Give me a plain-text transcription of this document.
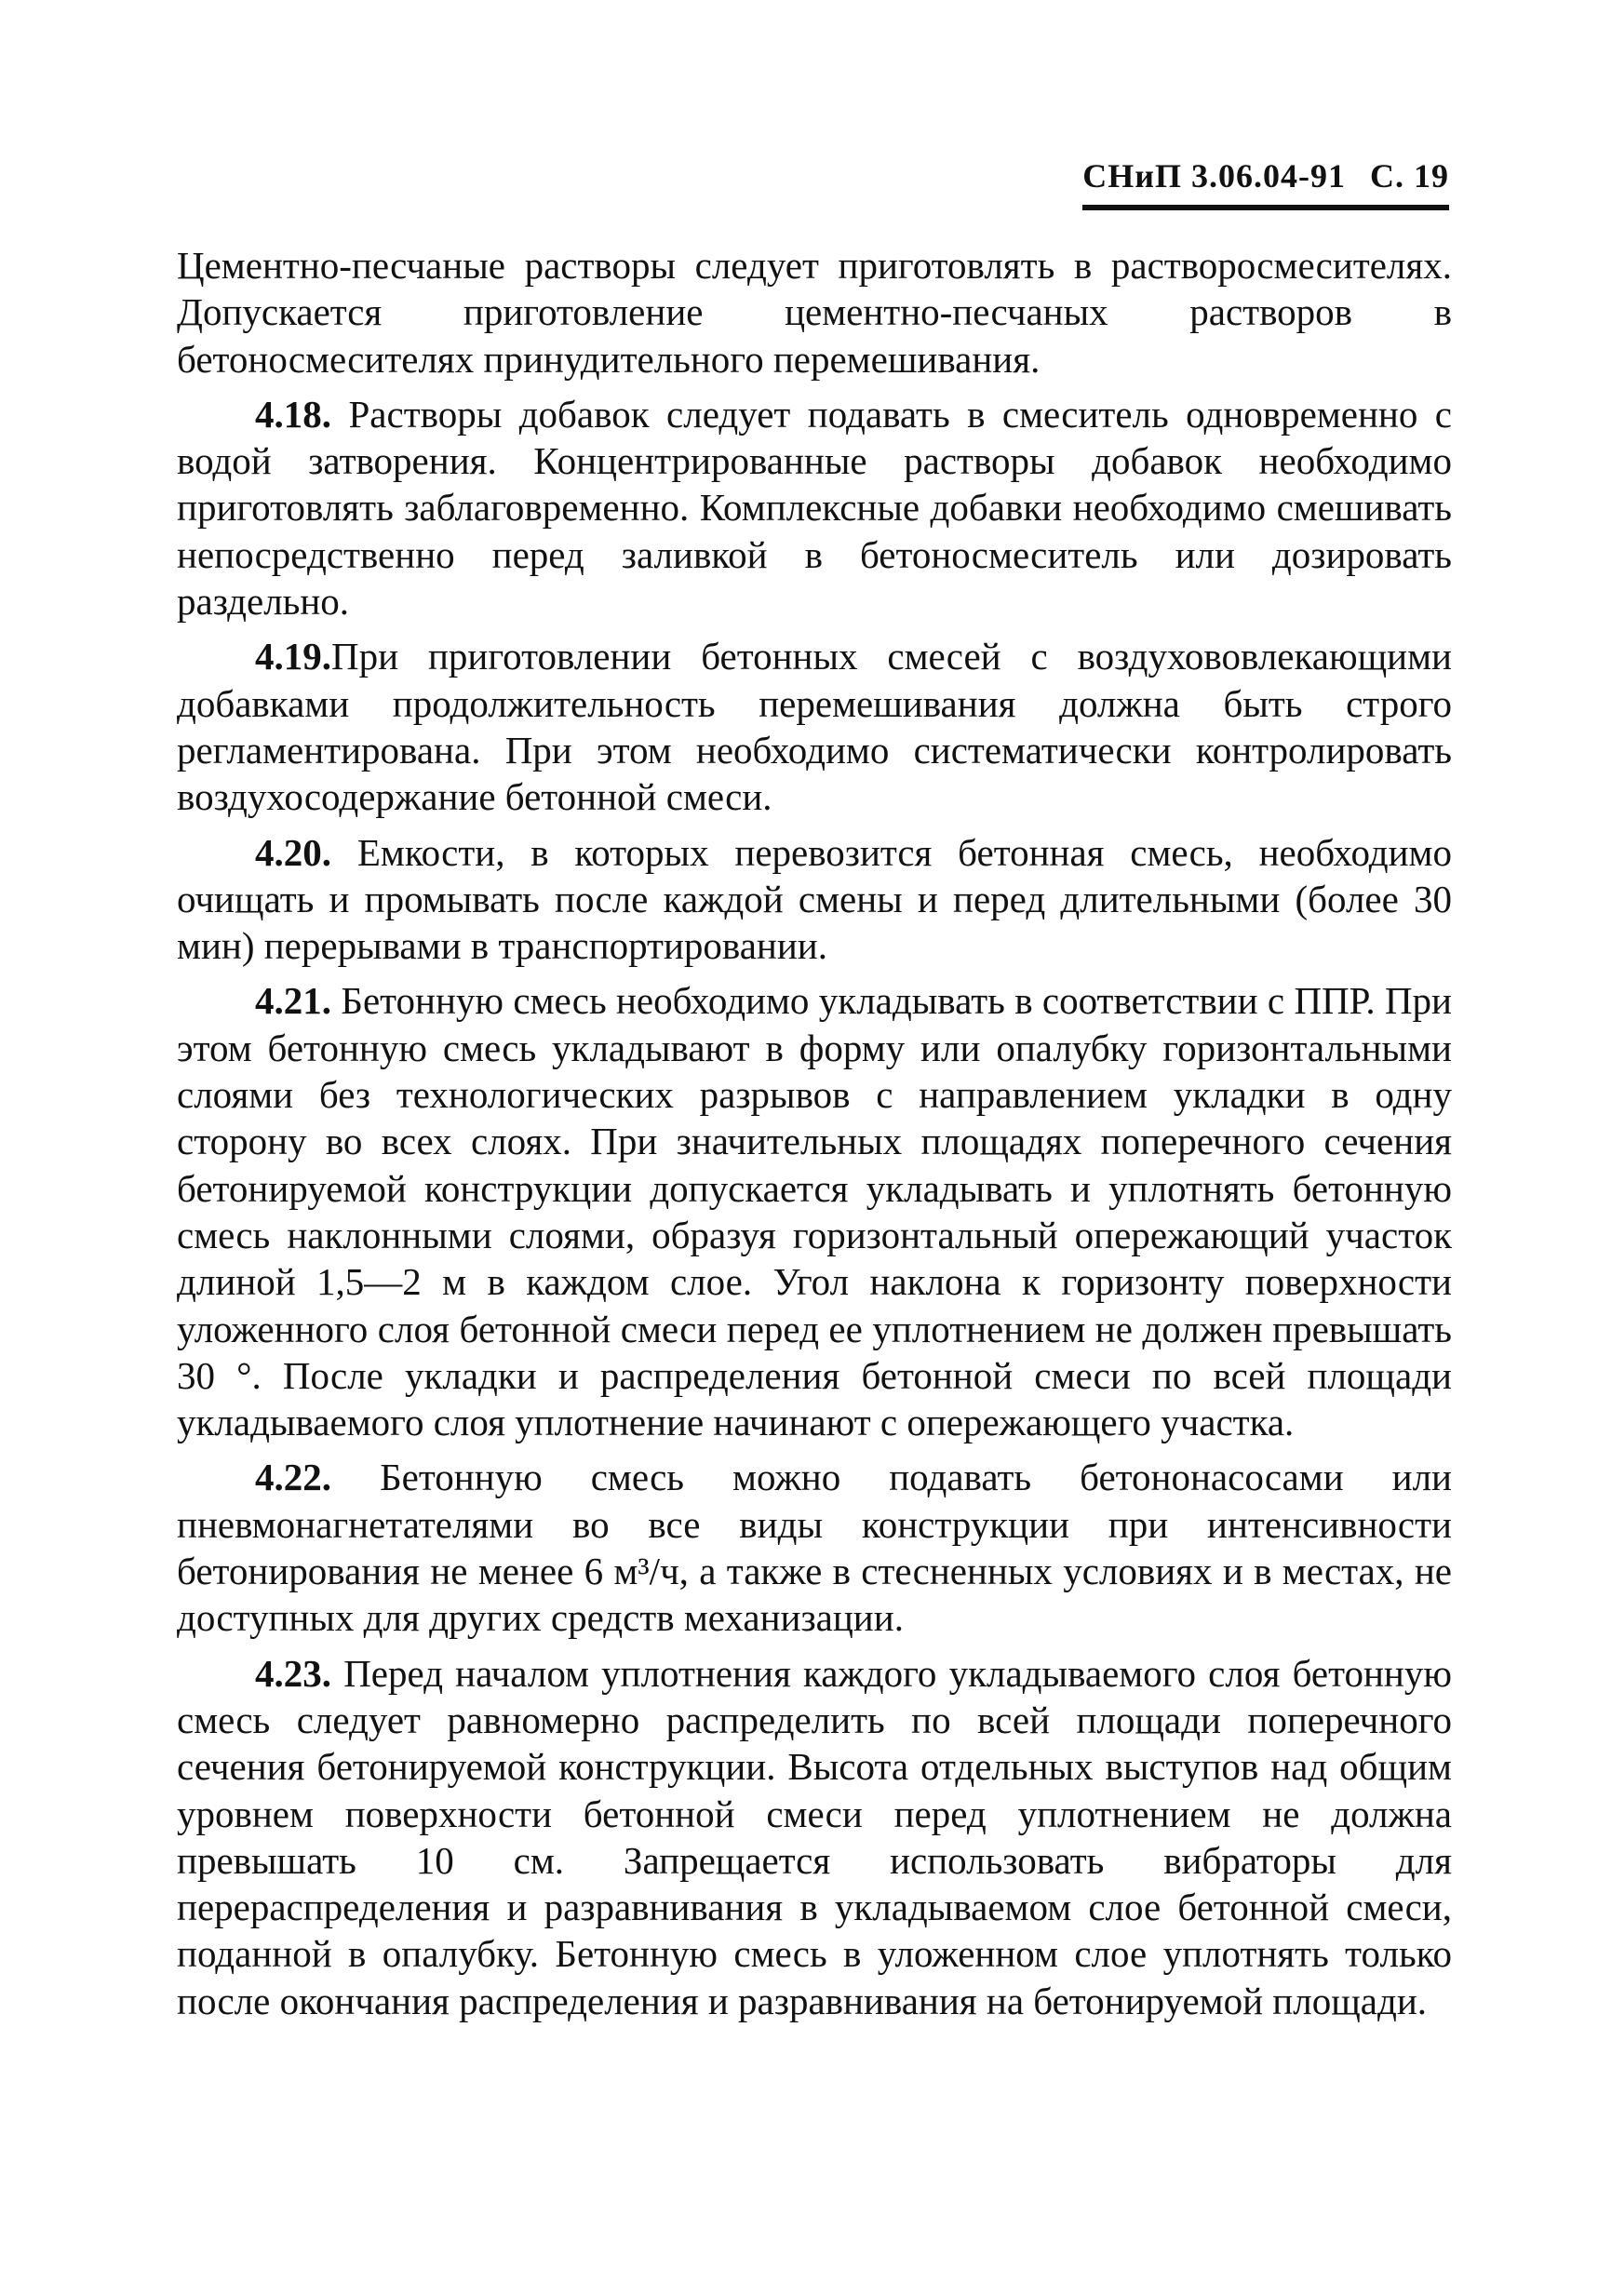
СНиП 3.06.04-91 С. 19

Цементно-песчаные растворы следует приготовлять в растворосмесителях. Допускается приготовление цементно-песчаных растворов в бетоносмесителях принудительного перемешивания.

4.18. Растворы добавок следует подавать в смеситель одновременно с водой затворения. Концентрированные растворы добавок необходимо приготовлять заблаговременно. Комплексные добавки необходимо смешивать непосредственно перед заливкой в бетоносмеситель или дозировать раздельно.

4.19.При приготовлении бетонных смесей с воздухововлекающими добавками продолжительность перемешивания должна быть строго регламентирована. При этом необходимо систематически контролировать воздухосодержание бетонной смеси.

4.20. Емкости, в которых перевозится бетонная смесь, необходимо очищать и промывать после каждой смены и перед длительными (более 30 мин) перерывами в транспортировании.

4.21. Бетонную смесь необходимо укладывать в соответствии с ППР. При этом бетонную смесь укладывают в форму или опалубку горизонтальными слоями без технологических разрывов с направлением укладки в одну сторону во всех слоях. При значительных площадях поперечного сечения бетонируемой конструкции допускается укладывать и уплотнять бетонную смесь наклонными слоями, образуя горизонтальный опережающий участок длиной 1,5—2 м в каждом слое. Угол наклона к горизонту поверхности уложенного слоя бетонной смеси перед ее уплотнением не должен превышать 30 °. После укладки и распределения бетонной смеси по всей площади укладываемого слоя уплотнение начинают с опережающего участка.

4.22. Бетонную смесь можно подавать бетононасосами или пневмонагнетателями во все виды конструкции при интенсивности бетонирования не менее 6 м³/ч, а также в стесненных условиях и в местах, не доступных для других средств механизации.

4.23. Перед началом уплотнения каждого укладываемого слоя бетонную смесь следует равномерно распределить по всей площади поперечного сечения бетонируемой конструкции. Высота отдельных выступов над общим уровнем поверхности бетонной смеси перед уплотнением не должна превышать 10 см. Запрещается использовать вибраторы для перераспределения и разравнивания в укладываемом слое бетонной смеси, поданной в опалубку. Бетонную смесь в уложенном слое уплотнять только после окончания распределения и разравнивания на бетонируемой площади.
